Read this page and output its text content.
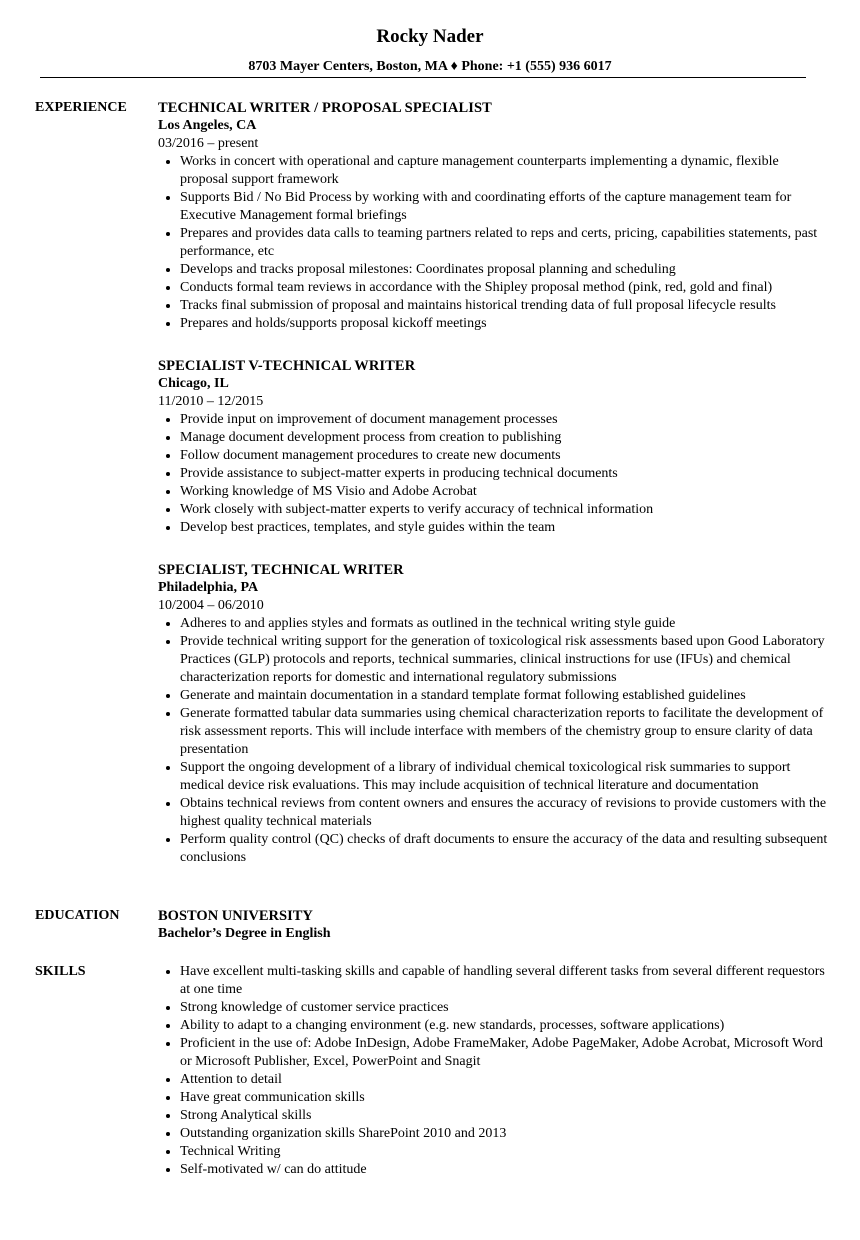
Rocky Nader
8703 Mayer Centers, Boston, MA ♦ Phone: +1 (555) 936 6017
EXPERIENCE TECHNICAL WRITER / PROPOSAL SPECIALIST
Los Angeles, CA
03/2016 – present
• Works in concert with operational and capture management counterparts implementing a dynamic, flexible proposal support framework
• Supports Bid / No Bid Process by working with and coordinating efforts of the capture management team for Executive Management formal briefings
• Prepares and provides data calls to teaming partners related to reps and certs, pricing, capabilities statements, past performance, etc
• Develops and tracks proposal milestones: Coordinates proposal planning and scheduling
• Conducts formal team reviews in accordance with the Shipley proposal method (pink, red, gold and final)
• Tracks final submission of proposal and maintains historical trending data of full proposal lifecycle results
• Prepares and holds/supports proposal kickoff meetings
SPECIALIST V-TECHNICAL WRITER
Chicago, IL
11/2010 – 12/2015
• Provide input on improvement of document management processes
• Manage document development process from creation to publishing
• Follow document management procedures to create new documents
• Provide assistance to subject-matter experts in producing technical documents
• Working knowledge of MS Visio and Adobe Acrobat
• Work closely with subject-matter experts to verify accuracy of technical information
• Develop best practices, templates, and style guides within the team
SPECIALIST, TECHNICAL WRITER
Philadelphia, PA
10/2004 – 06/2010
• Adheres to and applies styles and formats as outlined in the technical writing style guide
• Provide technical writing support for the generation of toxicological risk assessments based upon Good Laboratory Practices (GLP) protocols and reports, technical summaries, clinical instructions for use (IFUs) and chemical characterization reports for domestic and international regulatory submissions
• Generate and maintain documentation in a standard template format following established guidelines
• Generate formatted tabular data summaries using chemical characterization reports to facilitate the development of risk assessment reports. This will include interface with members of the chemistry group to ensure clarity of data presentation
• Support the ongoing development of a library of individual chemical toxicological risk summaries to support medical device risk evaluations. This may include acquisition of technical literature and documentation
• Obtains technical reviews from content owners and ensures the accuracy of revisions to provide customers with the highest quality technical materials
• Perform quality control (QC) checks of draft documents to ensure the accuracy of the data and resulting subsequent conclusions
EDUCATION	BOSTON UNIVERSITY
Bachelor’s Degree in English
SKILLS
•	Have excellent multi-tasking skills and capable of handling several different tasks from several different requestors at one time
• Strong knowledge of customer service practices
• Ability to adapt to a changing environment (e.g. new standards, processes, software applications)
• Proficient in the use of: Adobe InDesign, Adobe FrameMaker, Adobe PageMaker, Adobe Acrobat, Microsoft Word or Microsoft Publisher, Excel, PowerPoint and Snagit
• Attention to detail
• Have great communication skills
• Strong Analytical skills
• Outstanding organization skills SharePoint 2010 and 2013
• Technical Writing
• Self-motivated w/ can do attitude
